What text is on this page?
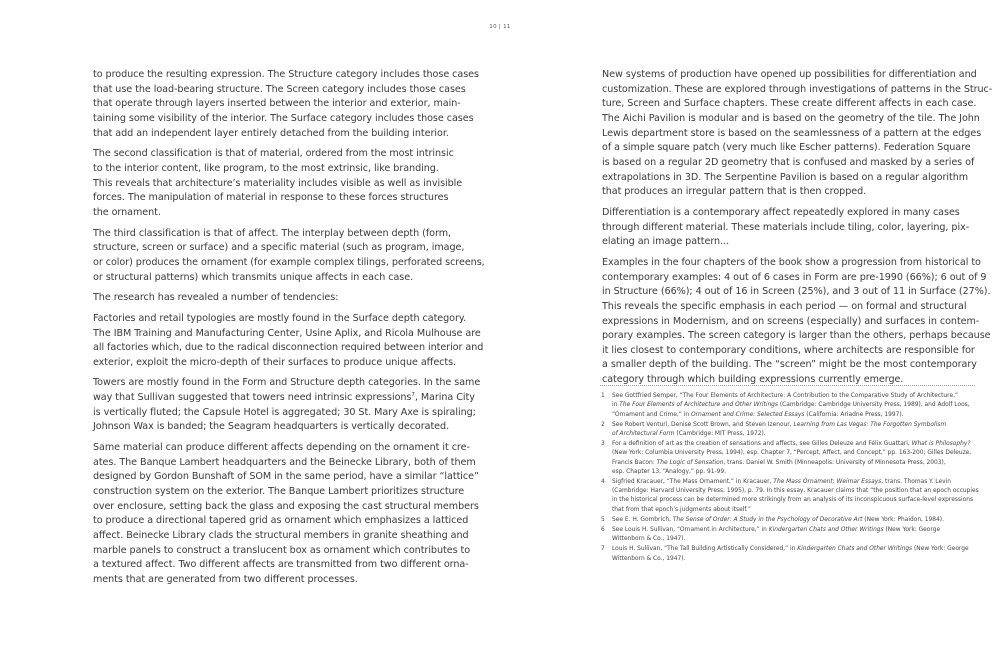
10 | 11

to produce the resulting expression. The Structure category includes those cases
that use the load-bearing structure. The Screen category includes those cases
that operate through layers inserted between the interior and exterior, main-
taining some visibility of the interior. The Surface category includes those cases
that add an independent layer entirely detached from the building interior.

The second classification is that of material, ordered from the most intrinsic
to the interior content, like program, to the most extrinsic, like branding.
This reveals that architecture’s materiality includes visible as well as invisible
forces. The manipulation of material in response to these forces structures
the ornament.

The third classification is that of affect. The interplay between depth (form,
structure, screen or surface) and a specific material (such as program, image,
or color) produces the ornament (for example complex tilings, perforated screens,
or structural patterns) which transmits unique affects in each case.

The research has revealed a number of tendencies:

Factories and retail typologies are mostly found in the Surface depth category.
The IBM Training and Manufacturing Center, Usine Aplix, and Ricola Mulhouse are
all factories which, due to the radical disconnection required between interior and
exterior, exploit the micro-depth of their surfaces to produce unique affects.

Towers are mostly found in the Form and Structure depth categories. In the same
way that Sullivan suggested that towers need intrinsic expressions$^7$, Marina City
is vertically fluted; the Capsule Hotel is aggregated; 30 St. Mary Axe is spiraling;
Johnson Wax is banded; the Seagram headquarters is vertically decorated.

Same material can produce different affects depending on the ornament it cre-
ates. The Banque Lambert headquarters and the Beinecke Library, both of them
designed by Gordon Bunshaft of SOM in the same period, have a similar “lattice”
construction system on the exterior. The Banque Lambert prioritizes structure
over enclosure, setting back the glass and exposing the cast structural members
to produce a directional tapered grid as ornament which emphasizes a latticed
affect. Beinecke Library clads the structural members in granite sheathing and
marble panels to construct a translucent box as ornament which contributes to
a textured affect. Two different affects are transmitted from two different orna-
ments that are generated from two different processes.

New systems of production have opened up possibilities for differentiation and
customization. These are explored through investigations of patterns in the Struc-
ture, Screen and Surface chapters. These create different affects in each case.
The Aichi Pavilion is modular and is based on the geometry of the tile. The John
Lewis department store is based on the seamlessness of a pattern at the edges
of a simple square patch (very much like Escher patterns). Federation Square
is based on a regular 2D geometry that is confused and masked by a series of
extrapolations in 3D. The Serpentine Pavilion is based on a regular algorithm
that produces an irregular pattern that is then cropped.

Differentiation is a contemporary affect repeatedly explored in many cases
through different material. These materials include tiling, color, layering, pix-
elating an image pattern...

Examples in the four chapters of the book show a progression from historical to
contemporary examples: 4 out of 6 cases in Form are pre-1990 (66%); 6 out of 9
in Structure (66%); 4 out of 16 in Screen (25%), and 3 out of 11 in Surface (27%).
This reveals the specific emphasis in each period — on formal and structural
expressions in Modernism, and on screens (especially) and surfaces in contem-
porary examples. The screen category is larger than the others, perhaps because
it lies closest to contemporary conditions, where architects are responsible for
a smaller depth of the building. The “screen” might be the most contemporary
category through which building expressions currently emerge.

1 See Gottfried Semper, “The Four Elements of Architecture: A Contribution to the Comparative Study of Architecture,”
in The Four Elements of Architecture and Other Writings (Cambridge: Cambridge University Press, 1989), and Adolf Loos,
“Ornament and Crime,” in Ornament and Crime: Selected Essays (California: Ariadne Press, 1997).
2 See Robert Venturi, Denise Scott Brown, and Steven Izenour, Learning from Las Vegas: The Forgotten Symbolism
of Architectural Form (Cambridge: MIT Press, 1972).
3 For a definition of art as the creation of sensations and affects, see Gilles Deleuze and Félix Guattari, What is Philosophy?
(New York: Columbia University Press, 1994), esp. Chapter 7, “Percept, Affect, and Concept,” pp. 163-200; Gilles Deleuze,
Francis Bacon: The Logic of Sensation, trans. Daniel W. Smith (Minneapolis: University of Minnesota Press, 2003),
esp. Chapter 13, “Analogy,” pp. 91-99.
4 Sigfried Kracauer, “The Mass Ornament,” in Kracauer, The Mass Ornament: Weimar Essays, trans. Thomas Y. Levin
(Cambridge: Harvard University Press, 1995), p. 79. In this essay, Kracauer claims that “the position that an epoch occupies
in the historical process can be determined more strikingly from an analysis of its inconspicuous surface-level expressions
that from that epoch’s judgments about itself.”
5 See E. H. Gombrich, The Sense of Order: A Study in the Psychology of Decorative Art (New York: Phaidon, 1984).
6 See Louis H. Sullivan, “Ornament in Architecture,” in Kindergarten Chats and Other Writings (New York: George
Wittenborn & Co., 1947).
7 Louis H. Sullivan, “The Tall Building Artistically Considered,” in Kindergarten Chats and Other Writings (New York: George
Wittenborn & Co., 1947).
